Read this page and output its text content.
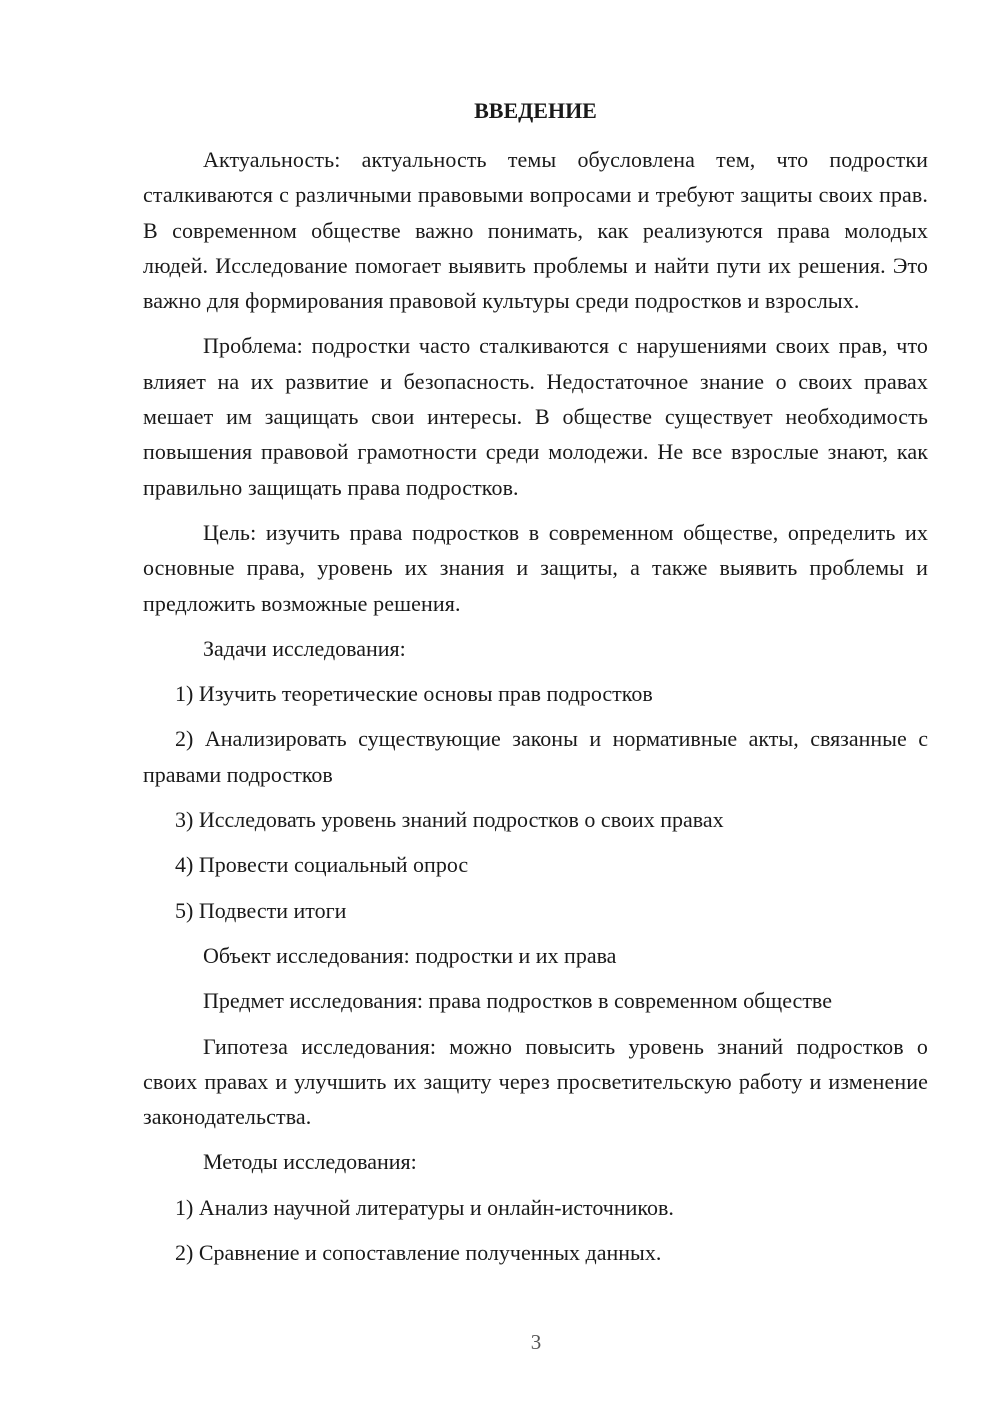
ВВЕДЕНИЕ

Актуальность: актуальность темы обусловлена тем, что подростки сталкиваются с различными правовыми вопросами и требуют защиты своих прав. В современном обществе важно понимать, как реализуются права молодых людей. Исследование помогает выявить проблемы и найти пути их решения. Это важно для формирования правовой культуры среди подростков и взрослых.

Проблема: подростки часто сталкиваются с нарушениями своих прав, что влияет на их развитие и безопасность. Недостаточное знание о своих правах мешает им защищать свои интересы. В обществе существует необходимость повышения правовой грамотности среди молодежи. Не все взрослые знают, как правильно защищать права подростков.

Цель: изучить права подростков в современном обществе, определить их основные права, уровень их знания и защиты, а также выявить проблемы и предложить возможные решения.

Задачи исследования:

1) Изучить теоретические основы прав подростков

2) Анализировать существующие законы и нормативные акты, связанные с правами подростков

3) Исследовать уровень знаний подростков о своих правах

4) Провести социальный опрос

5) Подвести итоги

Объект исследования: подростки и их права

Предмет исследования: права подростков в современном обществе

Гипотеза исследования: можно повысить уровень знаний подростков о своих правах и улучшить их защиту через просветительскую работу и изменение законодательства.

Методы исследования:

1) Анализ научной литературы и онлайн-источников.

2) Сравнение и сопоставление полученных данных.

3
